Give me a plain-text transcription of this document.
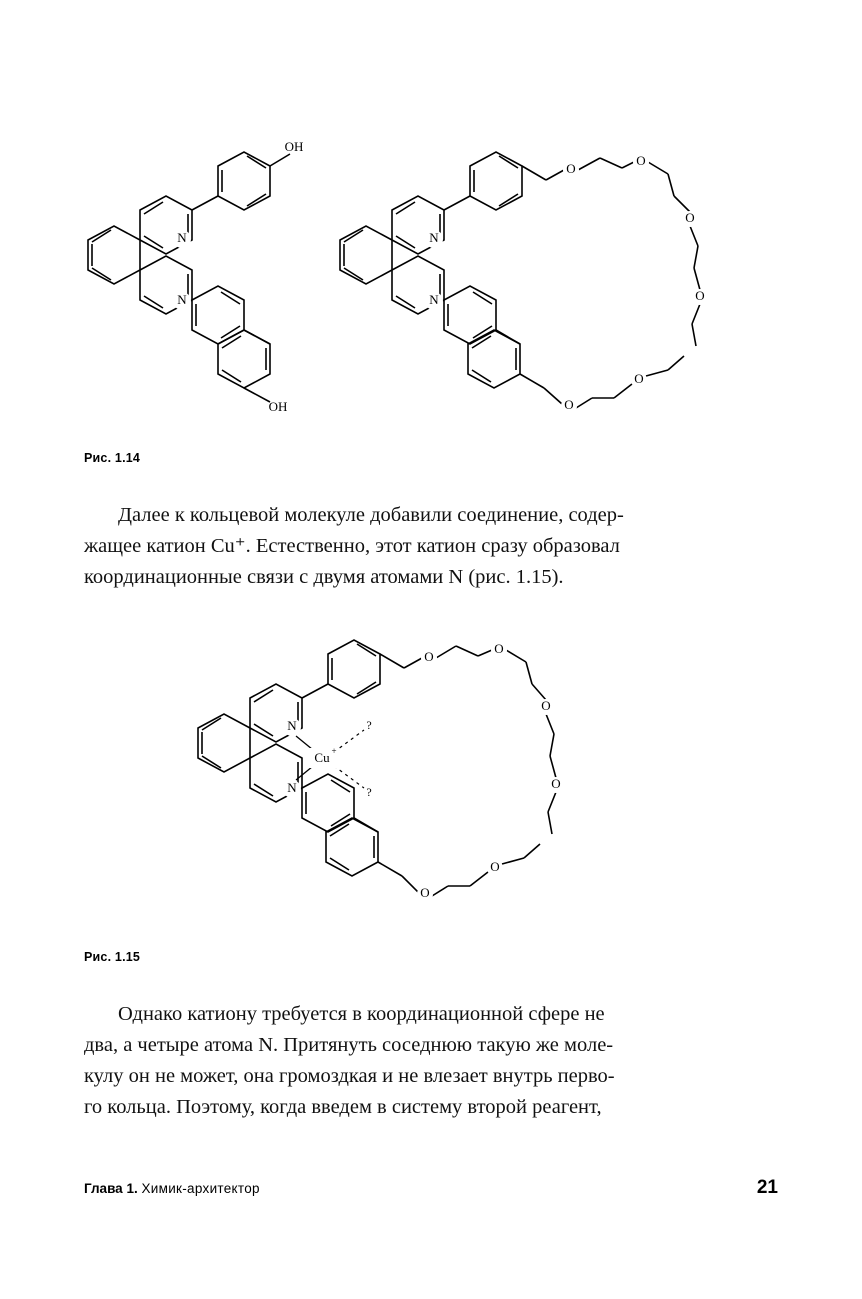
OH
N
N
OH
N
N
O
O
O
O
O
O
Рис. 1.14
Далее к кольцевой молекуле добавили соединение, содер-
жащее катион Cu⁺. Естественно, этот катион сразу образовал
координационные связи с двумя атомами N (рис. 1.15).
N
N
O
O
O
O
O
O
?
?
Cu +
Рис. 1.15
Однако катиону требуется в координационной сфере не
два, а четыре атома N. Притянуть соседнюю такую же моле-
кулу он не может, она громоздкая и не влезает внутрь перво-
го кольца. Поэтому, когда введем в систему второй реагент,
Глава 1. Химик-архитектор	21
